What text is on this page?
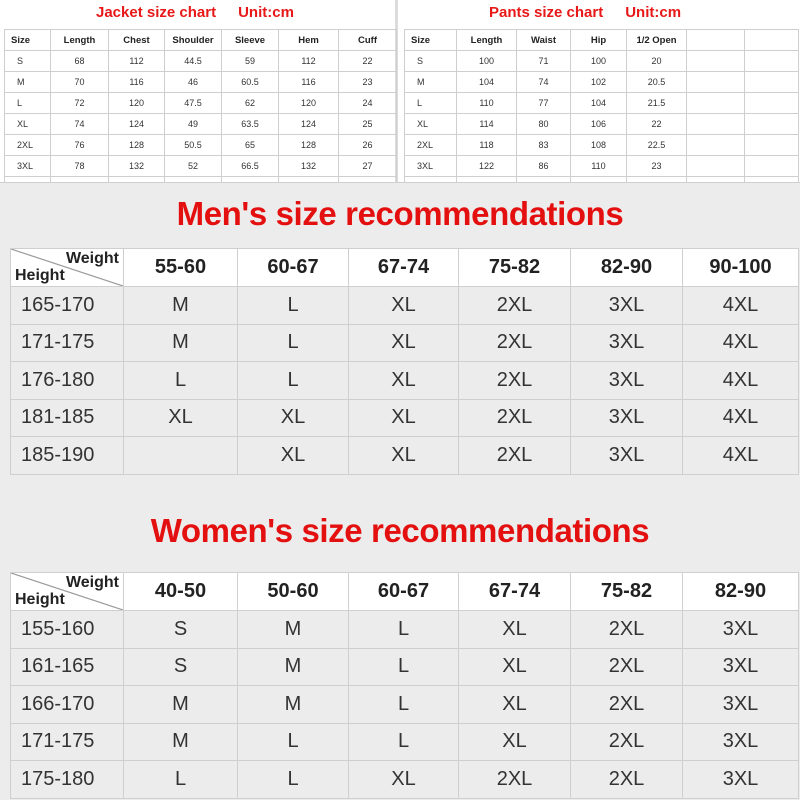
Jacket size chart Unit:cm
Size	Length	Chest	Shoulder	Sleeve	Hem	Cuff
S	68	112	44.5	59	112	22
M	70	116	46	60.5	116	23
L	72	120	47.5	62	120	24
XL	74	124	49	63.5	124	25
2XL	76	128	50.5	65	128	26
3XL	78	132	52	66.5	132	27

Pants size chart Unit:cm
Size	Length	Waist	Hip	1/2 Open		
S	100	71	100	20		
M	104	74	102	20.5		
L	110	77	104	21.5		
XL	114	80	106	22		
2XL	118	83	108	22.5		
3XL	122	86	110	23		

Men's size recommendations
Weight
Height	55-60	60-67	67-74	75-82	82-90	90-100
165-170	M	L	XL	2XL	3XL	4XL
171-175	M	L	XL	2XL	3XL	4XL
176-180	L	L	XL	2XL	3XL	4XL
181-185	XL	XL	XL	2XL	3XL	4XL
185-190		XL	XL	2XL	3XL	4XL
Women's size recommendations
Weight
Height	40-50	50-60	60-67	67-74	75-82	82-90
155-160	S	M	L	XL	2XL	3XL
161-165	S	M	L	XL	2XL	3XL
166-170	M	M	L	XL	2XL	3XL
171-175	M	L	L	XL	2XL	3XL
175-180	L	L	XL	2XL	2XL	3XL
